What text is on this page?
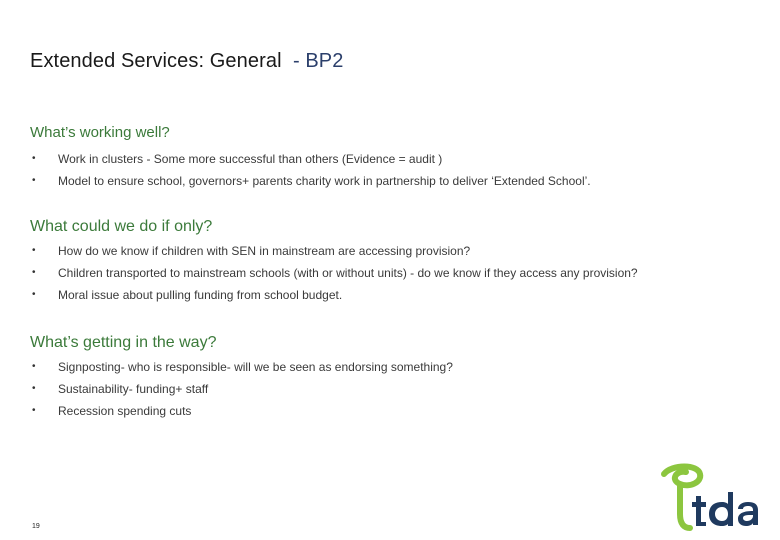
Extended Services: General  - BP2
What’s working well?
• Work in clusters - Some more successful than others (Evidence = audit )
• Model to ensure school, governors+ parents charity work in partnership to deliver ‘Extended School’.
What could we do if only?
• How do we know if children with SEN in mainstream are accessing provision?
• Children transported to mainstream schools (with or without units) - do we know if they access any provision?
• Moral issue about pulling funding from school budget.
What’s getting in the way?
• Signposting- who is responsible- will we be seen as endorsing something?
• Sustainability- funding+ staff
• Recession spending cuts
19
